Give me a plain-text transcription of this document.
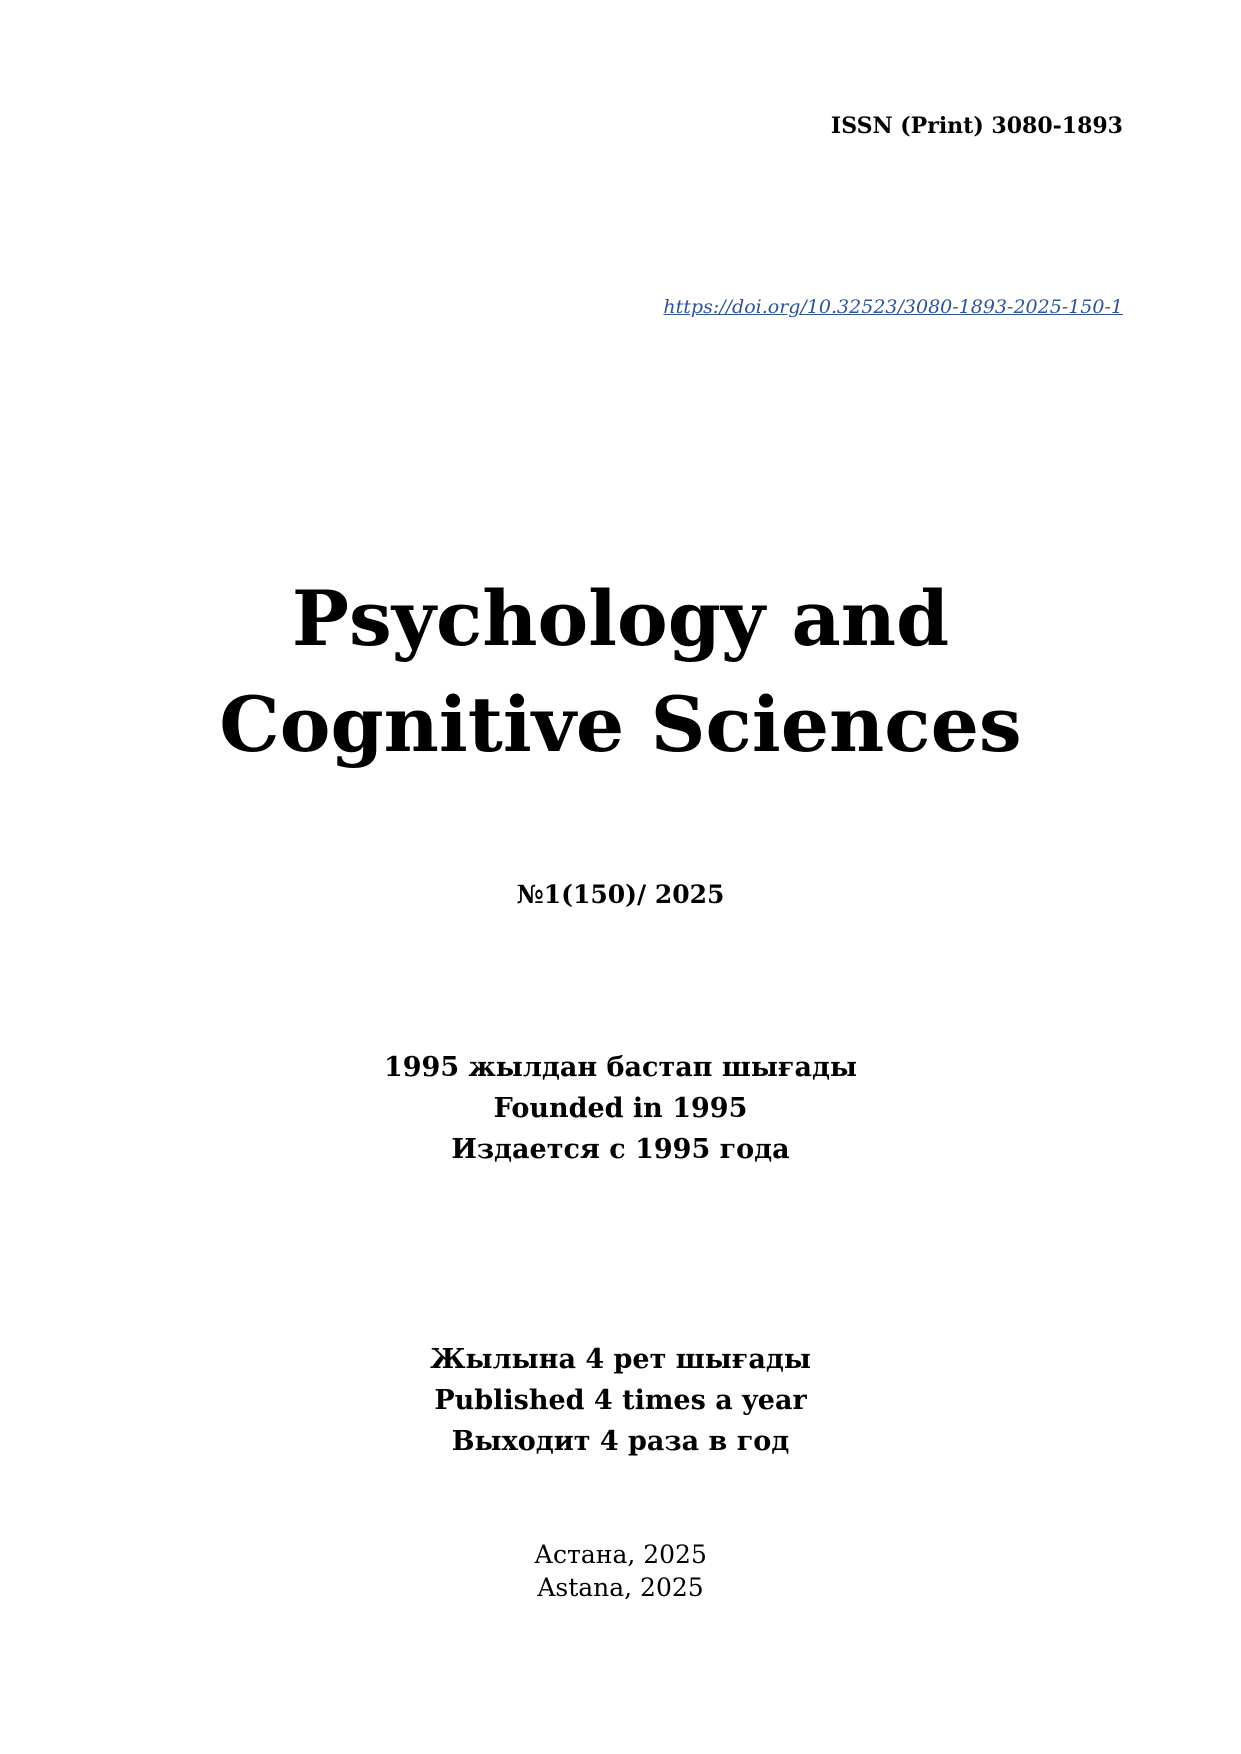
ISSN (Print) 3080-1893
https://doi.org/10.32523/3080-1893-2025-150-1
Psychology and
Cognitive Sciences
№1(150)/ 2025
1995 жылдан бастап шығады
Founded in 1995
Издается с 1995 года
Жылына 4 рет шығады
Published 4 times a year
Выходит 4 раза в год
Астана, 2025
Astana, 2025
